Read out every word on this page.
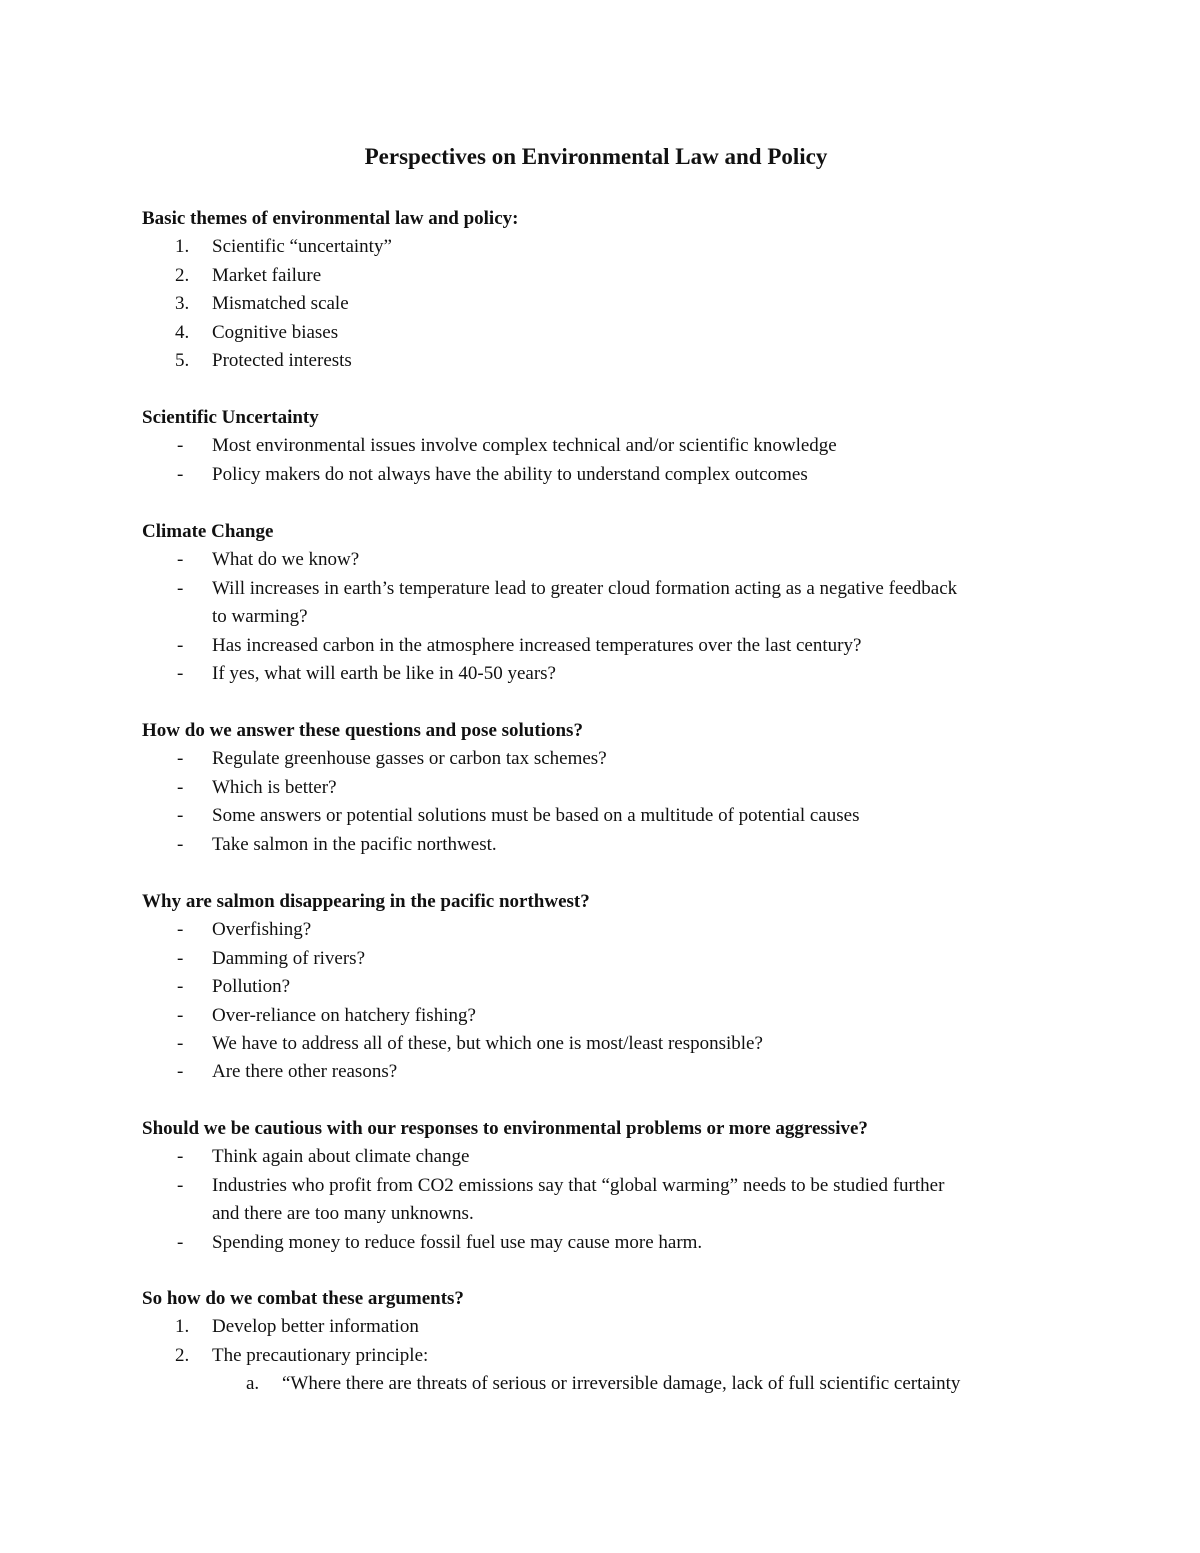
Perspectives on Environmental Law and Policy
Basic themes of environmental law and policy:
1. Scientific “uncertainty”
2. Market failure
3. Mismatched scale
4. Cognitive biases
5. Protected interests
Scientific Uncertainty
- Most environmental issues involve complex technical and/or scientific knowledge
- Policy makers do not always have the ability to understand complex outcomes
Climate Change
- What do we know?
- Will increases in earth’s temperature lead to greater cloud formation acting as a negative feedback
to warming?
- Has increased carbon in the atmosphere increased temperatures over the last century?
- If yes, what will earth be like in 40-50 years?
How do we answer these questions and pose solutions?
- Regulate greenhouse gasses or carbon tax schemes?
- Which is better?
- Some answers or potential solutions must be based on a multitude of potential causes
- Take salmon in the pacific northwest.
Why are salmon disappearing in the pacific northwest?
- Overfishing?
- Damming of rivers?
- Pollution?
- Over-reliance on hatchery fishing?
- We have to address all of these, but which one is most/least responsible?
- Are there other reasons?
Should we be cautious with our responses to environmental problems or more aggressive?
- Think again about climate change
- Industries who profit from CO2 emissions say that “global warming” needs to be studied further
and there are too many unknowns.
- Spending money to reduce fossil fuel use may cause more harm.
So how do we combat these arguments?
1. Develop better information
2. The precautionary principle:
a. “Where there are threats of serious or irreversible damage, lack of full scientific certainty
